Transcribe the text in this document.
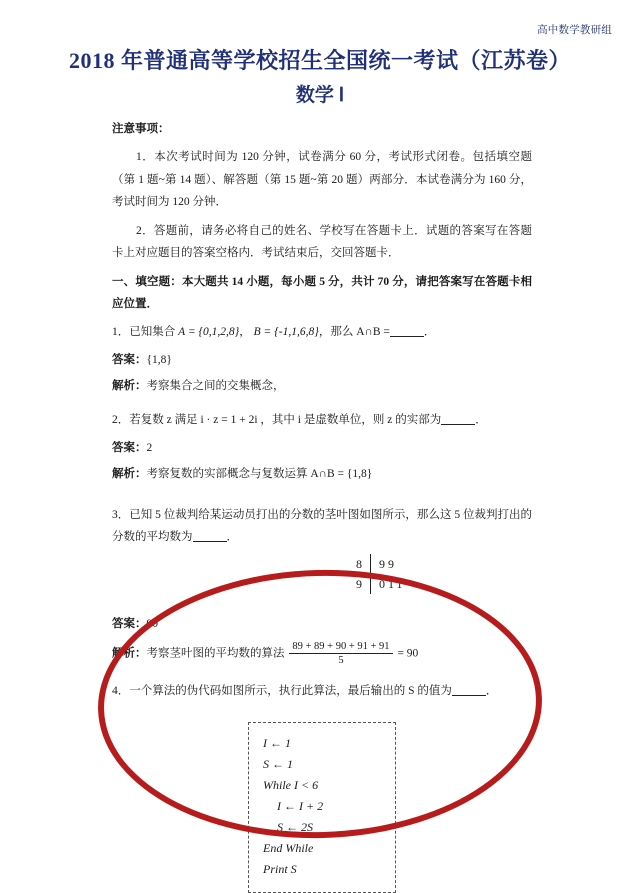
高中数学教研组
2018 年普通高等学校招生全国统一考试（江苏卷）
数学 Ⅰ

注意事项：

1．本次考试时间为 120 分钟，试卷满分 60 分，考试形式闭卷。包括填空题（第 1 题~第 14 题）、解答题（第 15 题~第 20 题）两部分．本试卷满分为 160 分，考试时间为 120 分钟．

2．答题前，请务必将自己的姓名、学校写在答题卡上．试题的答案写在答题卡上对应题目的答案空格内．考试结束后，交回答题卡．

一、填空题：本大题共 14 小题，每小题 5 分，共计 70 分，请把答案写在答题卡相应位置．

1．已知集合 A = {0,1,2,8}， B = {-1,1,6,8}，那么 A∩B =	．

答案：{1,8}

解析：考察集合之间的交集概念，

2．若复数 z 满足 i · z = 1 + 2i ，其中 i 是虚数单位，则 z 的实部为	．

答案：2

解析：考察复数的实部概念与复数运算 A∩B = {1,8}

3．已知 5 位裁判给某运动员打出的分数的茎叶图如图所示，那么这 5 位裁判打出的分数的平均数为	．

8	99
9	011

答案：90

解析：考察茎叶图的平均数的算法 $\frac{89 + 89 + 90 + 91 + 91}{5} = 90$

4．一个算法的伪代码如图所示，执行此算法，最后输出的 S 的值为	．

I ← 1
S ← 1
While I < 6
I ← I + 2
S ← 2S
End While
Print S
